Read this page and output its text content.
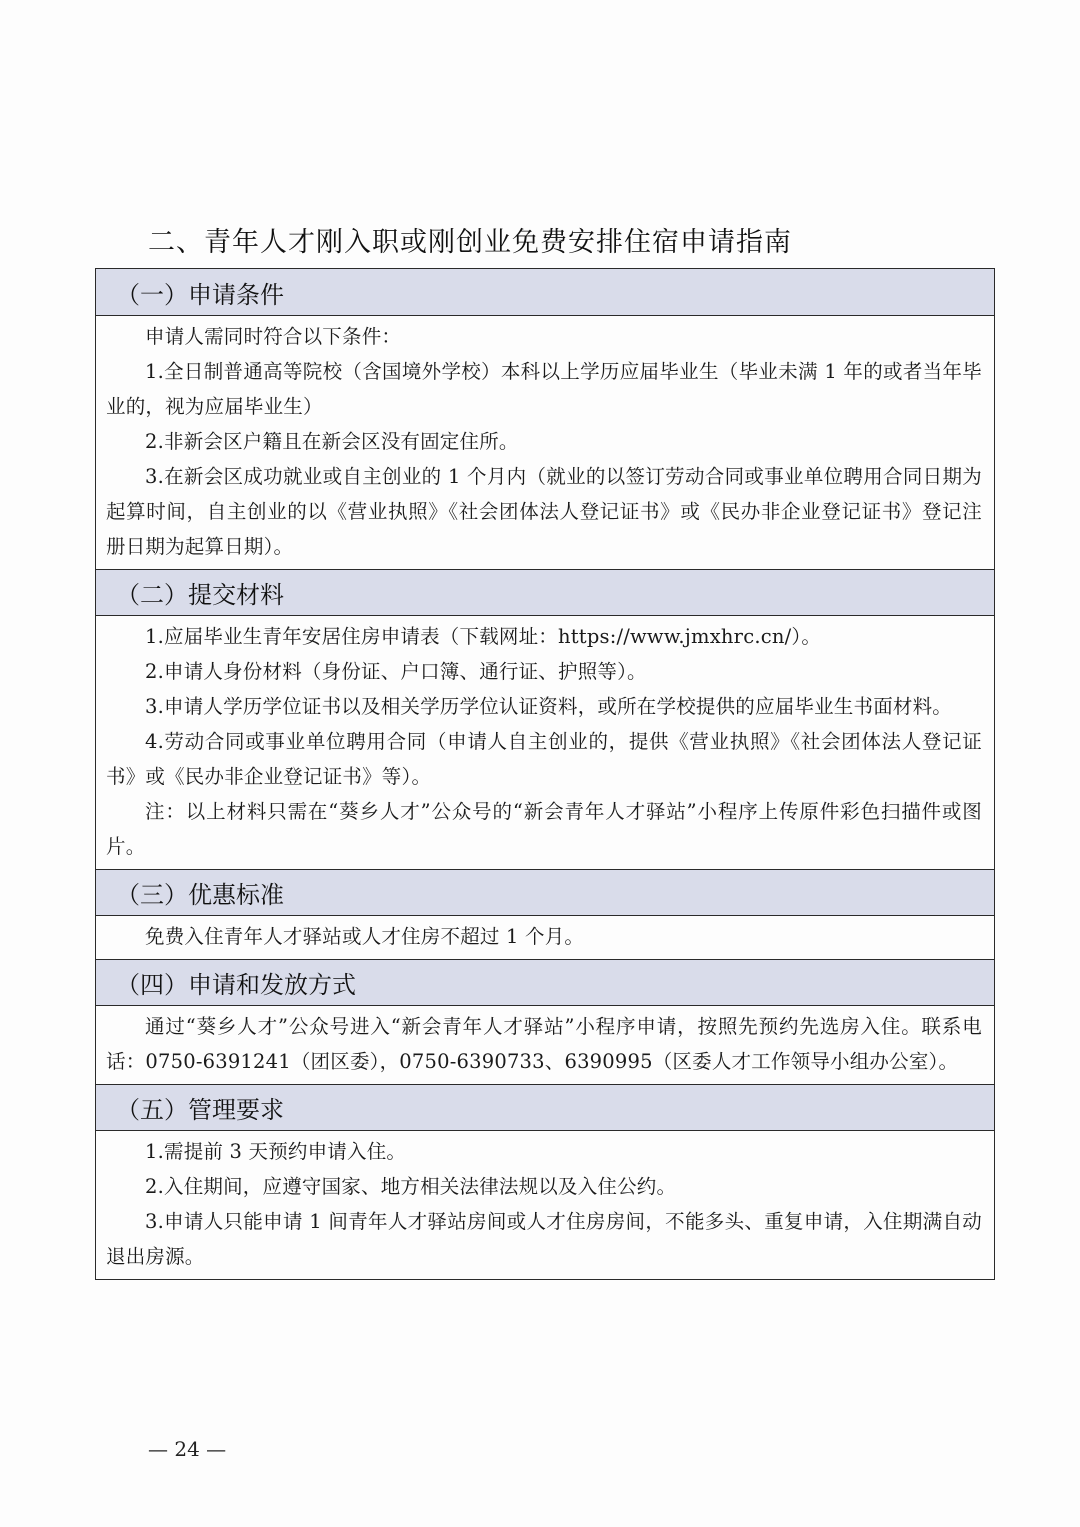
二、青年人才刚入职或刚创业免费安排住宿申请指南
（一）申请条件

申请人需同时符合以下条件：

1.全日制普通高等院校（含国境外学校）本科以上学历应届毕业生（毕业未满 1 年的或者当年毕业的，视为应届毕业生）

2.非新会区户籍且在新会区没有固定住所。

3.在新会区成功就业或自主创业的 1 个月内（就业的以签订劳动合同或事业单位聘用合同日期为起算时间，自主创业的以《营业执照》《社会团体法人登记证书》或《民办非企业登记证书》登记注册日期为起算日期）。

（二）提交材料

1.应届毕业生青年安居住房申请表（下载网址：https://www.jmxhrc.cn/）。

2.申请人身份材料（身份证、户口簿、通行证、护照等）。

3.申请人学历学位证书以及相关学历学位认证资料，或所在学校提供的应届毕业生书面材料。

4.劳动合同或事业单位聘用合同（申请人自主创业的，提供《营业执照》《社会团体法人登记证书》或《民办非企业登记证书》等）。

注：以上材料只需在“葵乡人才”公众号的“新会青年人才驿站”小程序上传原件彩色扫描件或图片。

（三）优惠标准

免费入住青年人才驿站或人才住房不超过 1 个月。

（四）申请和发放方式

通过“葵乡人才”公众号进入“新会青年人才驿站”小程序申请，按照先预约先选房入住。联系电话：0750-6391241（团区委），0750-6390733、6390995（区委人才工作领导小组办公室）。

（五）管理要求

1.需提前 3 天预约申请入住。

2.入住期间，应遵守国家、地方相关法律法规以及入住公约。

3.申请人只能申请 1 间青年人才驿站房间或人才住房房间，不能多头、重复申请，入住期满自动退出房源。

— 24 —
